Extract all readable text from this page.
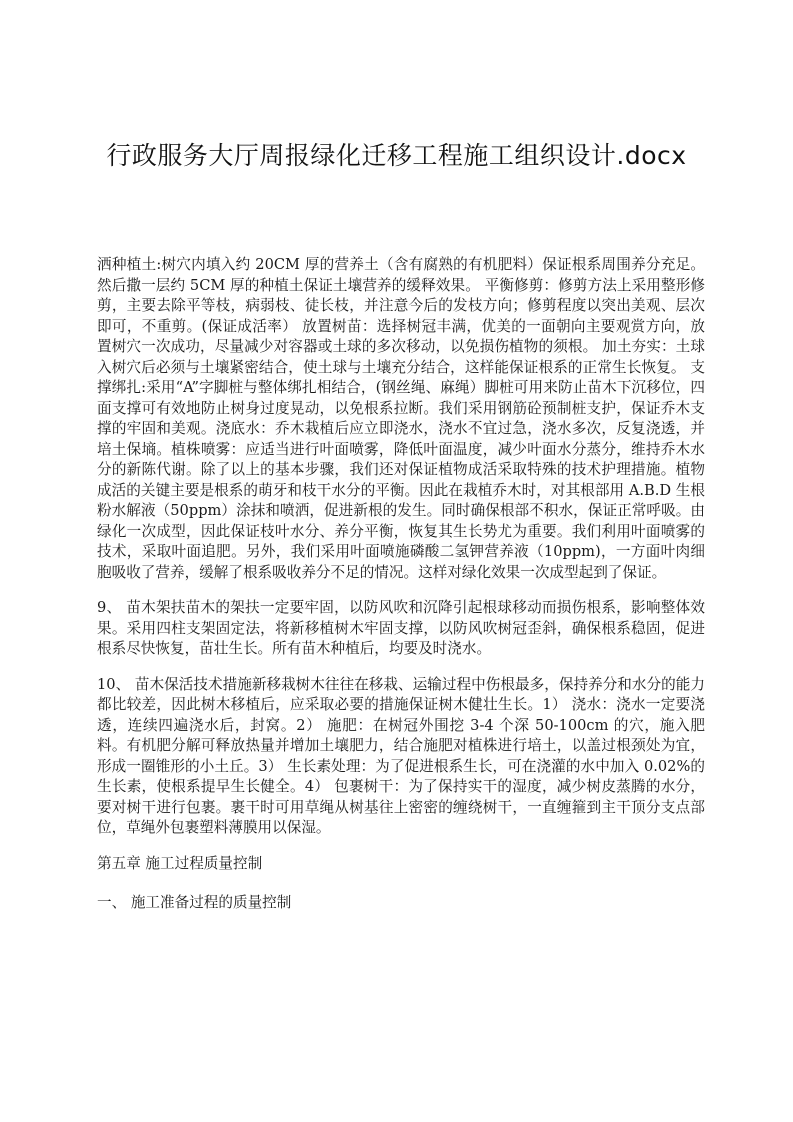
行政服务大厅周报绿化迁移工程施工组织设计.docx

洒种植土:树穴内填入约 20CM 厚的营养土（含有腐熟的有机肥料）保证根系周围养分充足。然后撒一层约 5CM 厚的种植土保证土壤营养的缓释效果。 平衡修剪：修剪方法上采用整形修剪，主要去除平等枝，病弱枝、徒长枝，并注意今后的发枝方向；修剪程度以突出美观、层次即可，不重剪。(保证成活率） 放置树苗：选择树冠丰满，优美的一面朝向主要观赏方向，放置树穴一次成功，尽量减少对容器或土球的多次移动，以免损伤植物的须根。 加土夯实：土球入树穴后必须与土壤紧密结合，使土球与土壤充分结合，这样能保证根系的正常生长恢复。 支撑绑扎:采用“A”字脚桩与整体绑扎相结合，(钢丝绳、麻绳）脚桩可用来防止苗木下沉移位，四面支撑可有效地防止树身过度晃动，以免根系拉断。我们采用钢筋砼预制桩支护，保证乔木支撑的牢固和美观。浇底水：乔木栽植后应立即浇水，浇水不宜过急，浇水多次，反复浇透，并培土保墒。植株喷雾：应适当进行叶面喷雾，降低叶面温度，减少叶面水分蒸分，维持乔木水分的新陈代谢。除了以上的基本步骤，我们还对保证植物成活采取特殊的技术护理措施。植物成活的关键主要是根系的萌牙和枝干水分的平衡。因此在栽植乔木时，对其根部用 A.B.D 生根粉水解液（50ppm）涂抹和喷洒，促进新根的发生。同时确保根部不积水，保证正常呼吸。由 绿化一次成型，因此保证枝叶水分、养分平衡，恢复其生长势尤为重要。我们利用叶面喷雾的技术，采取叶面追肥。另外，我们采用叶面喷施磷酸二氢钾营养液（10ppm)，一方面叶肉细胞吸收了营养，缓解了根系吸收养分不足的情况。这样对绿化效果一次成型起到了保证。

9、 苗木架扶苗木的架扶一定要牢固，以防风吹和沉降引起根球移动而损伤根系，影响整体效果。采用四柱支架固定法，将新移植树木牢固支撑，以防风吹树冠歪斜，确保根系稳固，促进根系尽快恢复，苗壮生长。所有苗木种植后，均要及时浇水。

10、 苗木保活技术措施新移栽树木往往在移栽、运输过程中伤根最多，保持养分和水分的能力都比较差，因此树木移植后，应采取必要的措施保证树木健壮生长。1） 浇水：浇水一定要浇透，连续四遍浇水后，封窝。2） 施肥：在树冠外围挖 3-4 个深 50-100cm 的穴，施入肥料。有机肥分解可释放热量并增加土壤肥力，结合施肥对植株进行培土，以盖过根颈处为宜，形成一圈锥形的小土丘。3） 生长素处理：为了促进根系生长，可在浇灌的水中加入 0.02%的生长素，使根系提早生长健全。4） 包裹树干：为了保持实干的湿度，减少树皮蒸腾的水分，要对树干进行包裹。裹干时可用草绳从树基往上密密的缠绕树干，一直缠箍到主干顶分支点部位，草绳外包裹塑料薄膜用以保湿。

第五章 施工过程质量控制
一、 施工准备过程的质量控制
